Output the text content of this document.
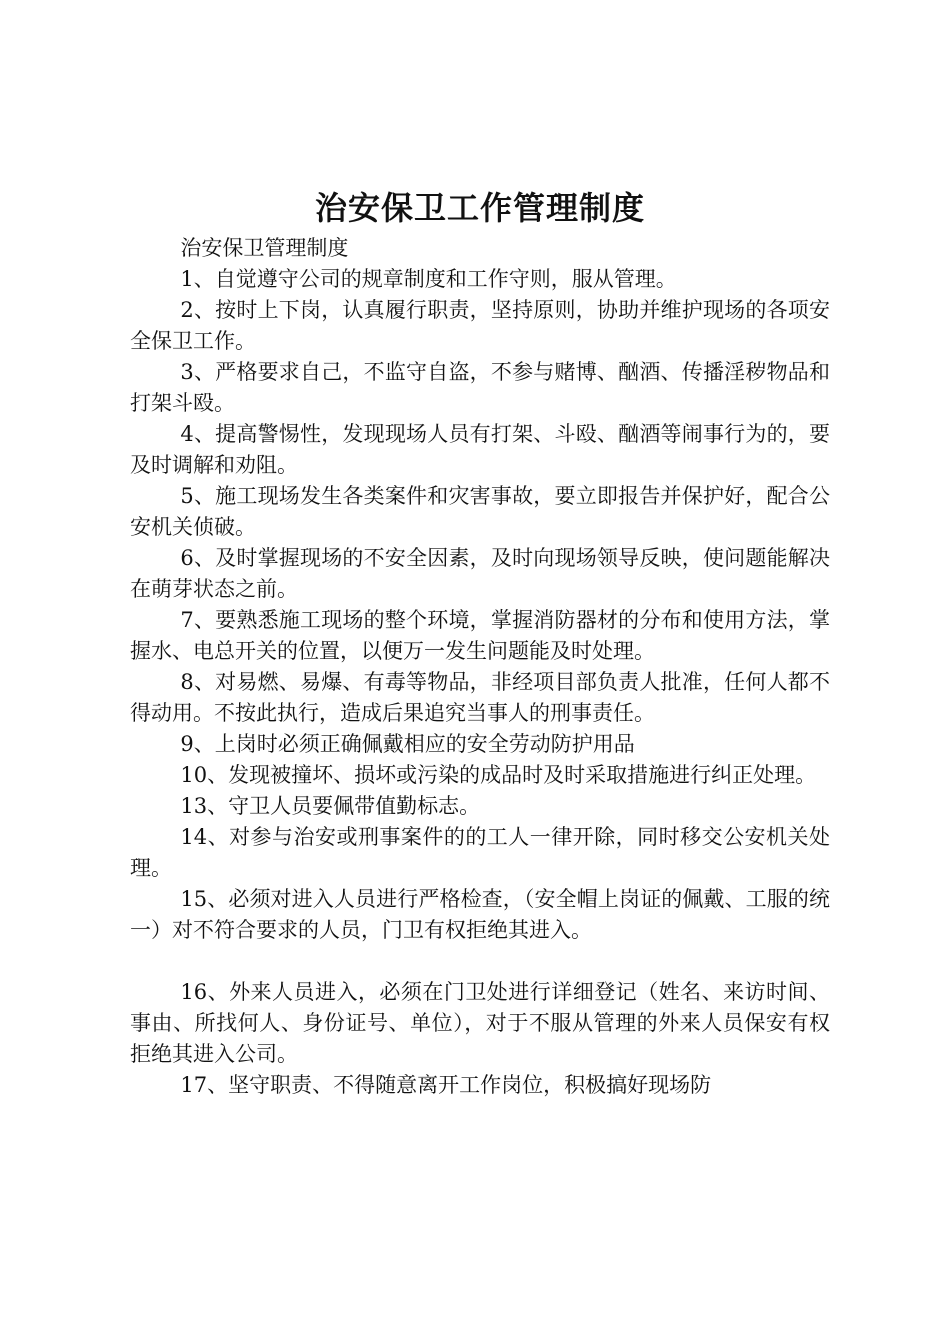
治安保卫工作管理制度

治安保卫管理制度

1、自觉遵守公司的规章制度和工作守则，服从管理。

2、按时上下岗，认真履行职责，坚持原则，协助并维护现场的各项安全保卫工作。

3、严格要求自己，不监守自盗，不参与赌博、酗酒、传播淫秽物品和打架斗殴。

4、提高警惕性，发现现场人员有打架、斗殴、酗酒等闹事行为的，要及时调解和劝阻。

5、施工现场发生各类案件和灾害事故，要立即报告并保护好，配合公安机关侦破。

6、及时掌握现场的不安全因素，及时向现场领导反映，使问题能解决在萌芽状态之前。

7、要熟悉施工现场的整个环境，掌握消防器材的分布和使用方法，掌握水、电总开关的位置，以便万一发生问题能及时处理。

8、对易燃、易爆、有毒等物品，非经项目部负责人批准，任何人都不得动用。不按此执行，造成后果追究当事人的刑事责任。

9、上岗时必须正确佩戴相应的安全劳动防护用品

10、发现被撞坏、损坏或污染的成品时及时采取措施进行纠正处理。

13、守卫人员要佩带值勤标志。

14、对参与治安或刑事案件的的工人一律开除，同时移交公安机关处理。

15、必须对进入人员进行严格检查，（安全帽上岗证的佩戴、工服的统一）对不符合要求的人员，门卫有权拒绝其进入。

16、外来人员进入，必须在门卫处进行详细登记（姓名、来访时间、事由、所找何人、身份证号、单位），对于不服从管理的外来人员保安有权拒绝其进入公司。

17、坚守职责、不得随意离开工作岗位，积极搞好现场防
